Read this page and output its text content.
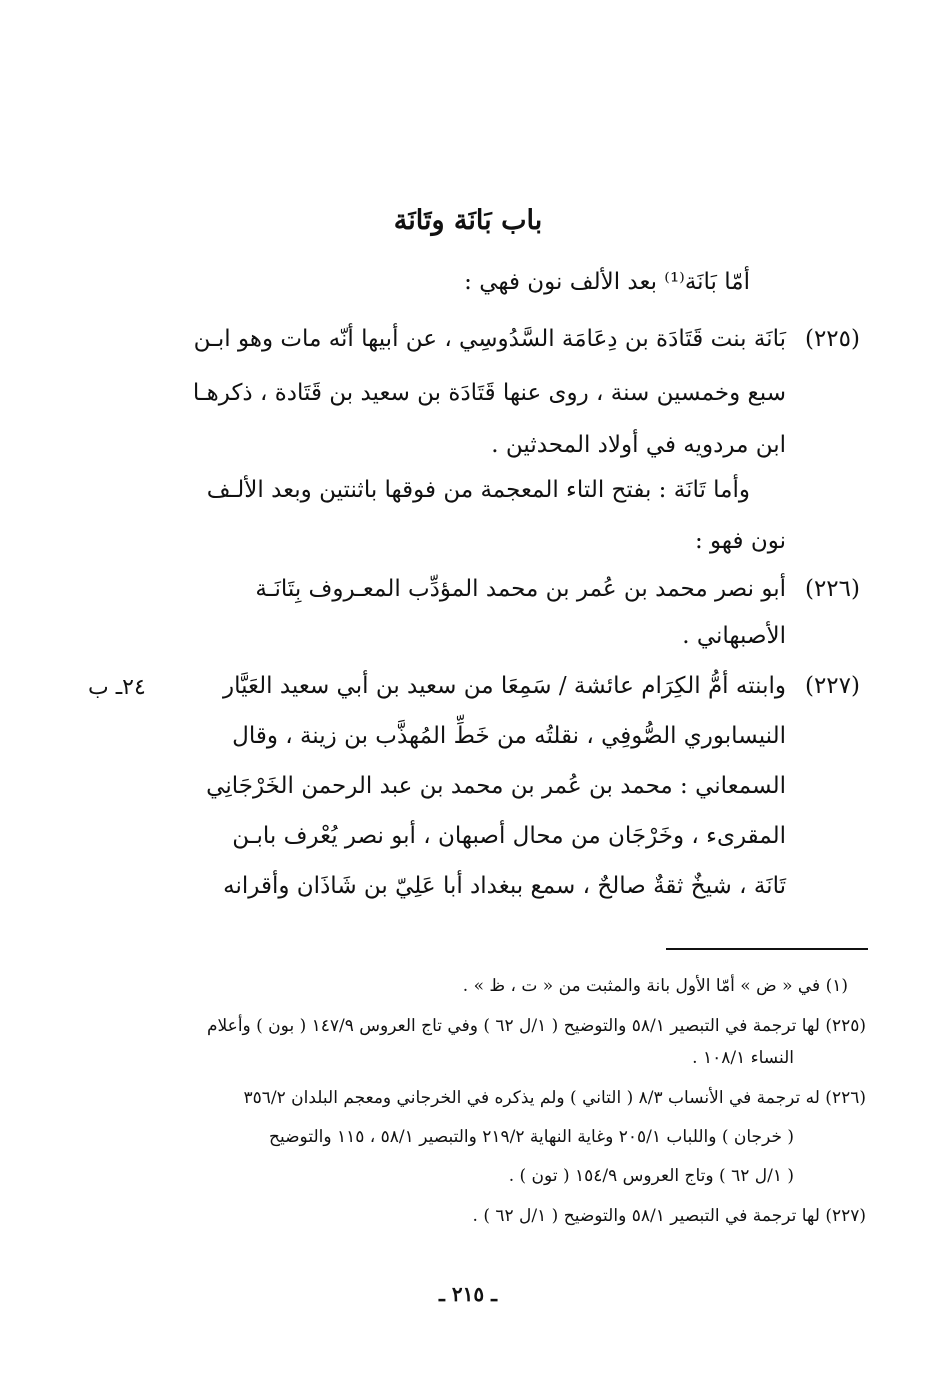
باب بَانَة وتَانَة
أمّا بَانَة⁽¹⁾ بعد الألف نون فهي :
(٢٢٥)
بَانَة بنت قَتَادَة بن دِعَامَة السَّدُوسِي ، عن أبيها أنّه مات وهو ابـن
سبع وخمسين سنة ، روى عنها قَتَادَة بن سعيد بن قَتَادة ، ذكرهـا
ابن مردويه في أولاد المحدثين .
وأما تَانَة : بفتح التاء المعجمة من فوقها باثنتين وبعد الألـف
نون فهو :
(٢٢٦)
أبو نصر محمد بن عُمر بن محمد المؤدِّب المعـروف بِتَانَـة
الأصبهاني .
(٢٢٧)
٢٤ـ ب	وابنته أمُّ الكِرَام عائشة / سَمِعَا من سعيد بن أبي سعيد العَيَّار
النيسابوري الصُّوفِي ، نقلتُه من خَطِّ المُهذَّب بن زينة ، وقال
السمعاني : محمد بن عُمر بن محمد بن عبد الرحمن الخَرْجَانِي
المقرىء ، وخَرْجَان من محال أصبهان ، أبو نصر يُعْرف بابـن
تَانَة ، شيخٌ ثقةٌ صالحٌ ، سمع ببغداد أبا عَلِيّ بن شَاذَان وأقرانه
(١) في « ض » أمّا الأول بانة والمثبت من « ت ، ظ » .
(٢٢٥) لها ترجمة في التبصير ٥٨/١ والتوضيح ( ١/ل ٦٢ ) وفي تاج العروس ١٤٧/٩ ( بون ) وأعلام
النساء ١٠٨/١ .
(٢٢٦) له ترجمة في الأنساب ٨/٣ ( التاني ) ولم يذكره في الخرجاني ومعجم البلدان ٣٥٦/٢
( خرجان ) واللباب ٢٠٥/١ وغاية النهاية ٢١٩/٢ والتبصير ٥٨/١ ، ١١٥ والتوضيح
( ١/ل ٦٢ ) وتاج العروس ١٥٤/٩ ( تون ) .
(٢٢٧) لها ترجمة في التبصير ٥٨/١ والتوضيح ( ١/ل ٦٢ ) .
ـ ٢١٥ ـ
